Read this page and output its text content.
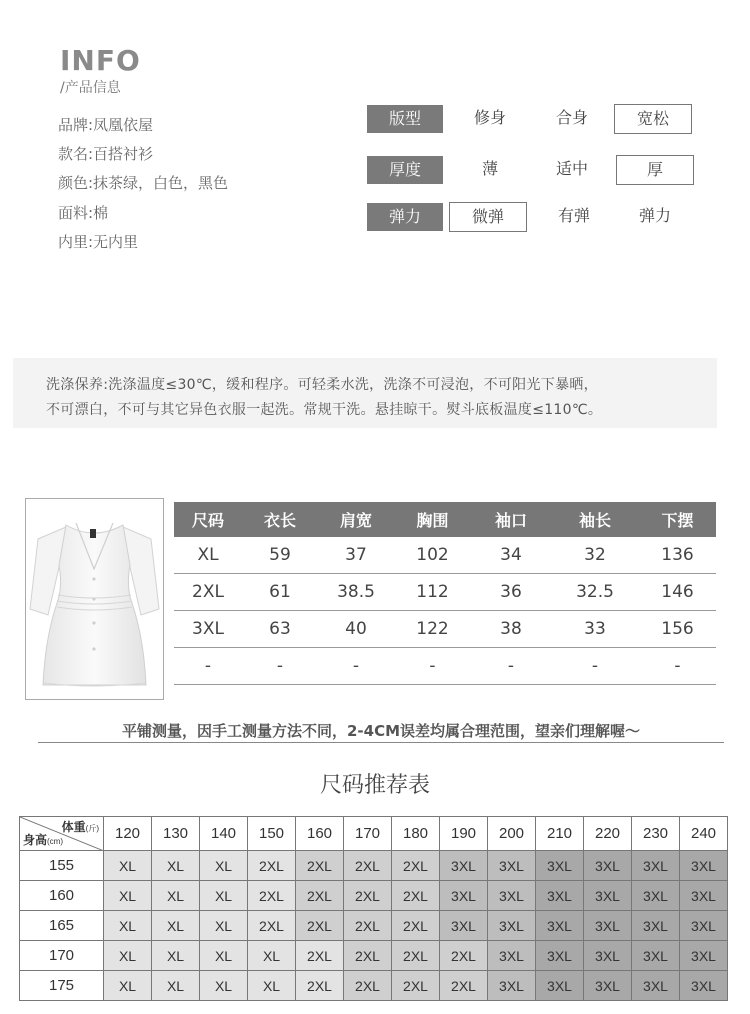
INFO
/产品信息
品牌:凤凰依屋
款名:百搭衬衫
颜色:抹茶绿，白色，黑色
面料:棉
内里:无内里
版型	修身	合身	宽松
厚度	薄	适中	厚
弹力	微弹	有弹	弹力
洗涤保养:洗涤温度≤30℃，缓和程序。可轻柔水洗，洗涤不可浸泡，不可阳光下暴晒，
不可漂白，不可与其它异色衣服一起洗。常规干洗。悬挂晾干。熨斗底板温度≤110℃。
尺码	衣长	肩宽	胸围	袖口	袖长	下摆
XL	59	37	102	34	32	136
2XL	61	38.5	112	36	32.5	146
3XL	63	40	122	38	33	156
-	-	-	-	-	-	-
平铺测量，因手工测量方法不同，2-4CM误差均属合理范围，望亲们理解喔～
尺码推荐表
体重(斤)
身高(cm)	120	130	140	150	160	170	180	190	200	210	220	230	240
155	XL	XL	XL	2XL	2XL	2XL	2XL	3XL	3XL	3XL	3XL	3XL	3XL
160	XL	XL	XL	2XL	2XL	2XL	2XL	3XL	3XL	3XL	3XL	3XL	3XL
165	XL	XL	XL	2XL	2XL	2XL	2XL	3XL	3XL	3XL	3XL	3XL	3XL
170	XL	XL	XL	XL	2XL	2XL	2XL	2XL	3XL	3XL	3XL	3XL	3XL
175	XL	XL	XL	XL	2XL	2XL	2XL	2XL	3XL	3XL	3XL	3XL	3XL
